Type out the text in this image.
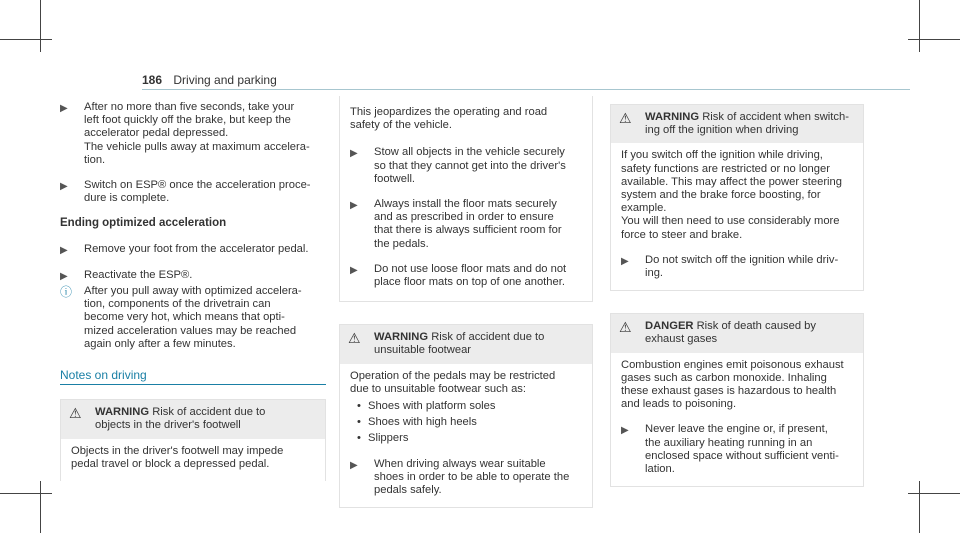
186 Driving and parking
▶	After no more than five seconds, take your

left foot quickly off the brake, but keep the

accelerator pedal depressed.

The vehicle pulls away at maximum accelera-

tion.

▶	Switch on ESP® once the acceleration proce-

dure is complete.

Ending optimized acceleration
▶	Remove your foot from the accelerator pedal.

▶	Reactivate the ESP®.

ⓘ	After you pull away with optimized accelera-

tion, components of the drivetrain can

become very hot, which means that opti-

mized acceleration values may be reached

again only after a few minutes.

Notes on driving
⚠	WARNING Risk of accident due to

objects in the driver's footwell

Objects in the driver's footwell may impede

pedal travel or block a depressed pedal.

This jeopardizes the operating and road

safety of the vehicle.

▶	Stow all objects in the vehicle securely

so that they cannot get into the driver's

footwell.

▶	Always install the floor mats securely

and as prescribed in order to ensure

that there is always sufficient room for

the pedals.

▶	Do not use loose floor mats and do not

place floor mats on top of one another.

⚠	WARNING Risk of accident due to

unsuitable footwear

Operation of the pedals may be restricted

due to unsuitable footwear such as:

• Shoes with platform soles
• Shoes with high heels
• Slippers
▶	When driving always wear suitable

shoes in order to be able to operate the

pedals safely.

⚠	WARNING Risk of accident when switch-

ing off the ignition when driving

If you switch off the ignition while driving,

safety functions are restricted or no longer

available. This may affect the power steering

system and the brake force boosting, for

example.

You will then need to use considerably more

force to steer and brake.

▶	Do not switch off the ignition while driv-

ing.

⚠	DANGER Risk of death caused by

exhaust gases

Combustion engines emit poisonous exhaust

gases such as carbon monoxide. Inhaling

these exhaust gases is hazardous to health

and leads to poisoning.

▶	Never leave the engine or, if present,

the auxiliary heating running in an

enclosed space without sufficient venti-

lation.
